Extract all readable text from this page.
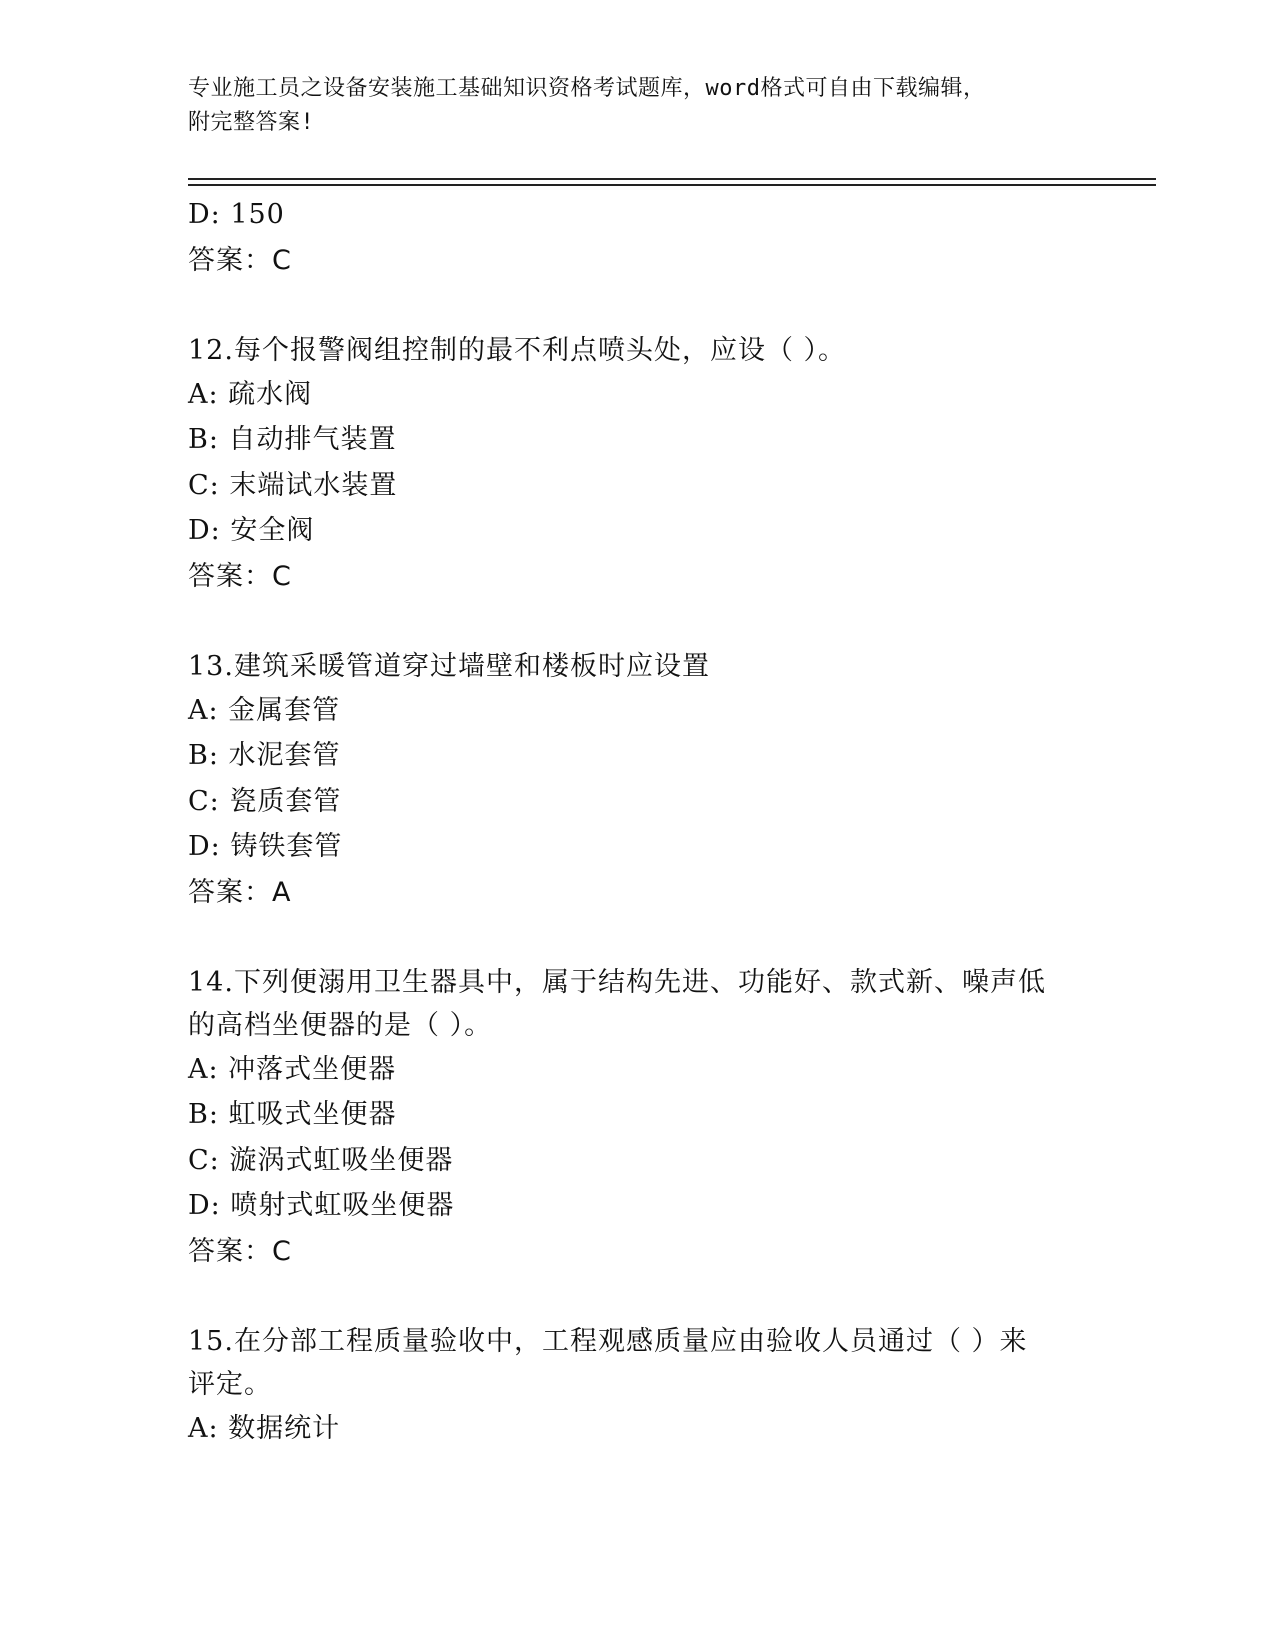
专业施工员之设备安装施工基础知识资格考试题库，word格式可自由下载编辑，
附完整答案!
D: 150
答案：C
12.每个报警阀组控制的最不利点喷头处，应设（ ）。
A: 疏水阀
B: 自动排气装置
C: 末端试水装置
D: 安全阀
答案：C
13.建筑采暖管道穿过墙壁和楼板时应设置
A: 金属套管
B: 水泥套管
C: 瓷质套管
D: 铸铁套管
答案：A
14.下列便溺用卫生器具中，属于结构先进、功能好、款式新、噪声低
的高档坐便器的是（ ）。
A: 冲落式坐便器
B: 虹吸式坐便器
C: 漩涡式虹吸坐便器
D: 喷射式虹吸坐便器
答案：C
15.在分部工程质量验收中，工程观感质量应由验收人员通过（ ）来
评定。
A: 数据统计
